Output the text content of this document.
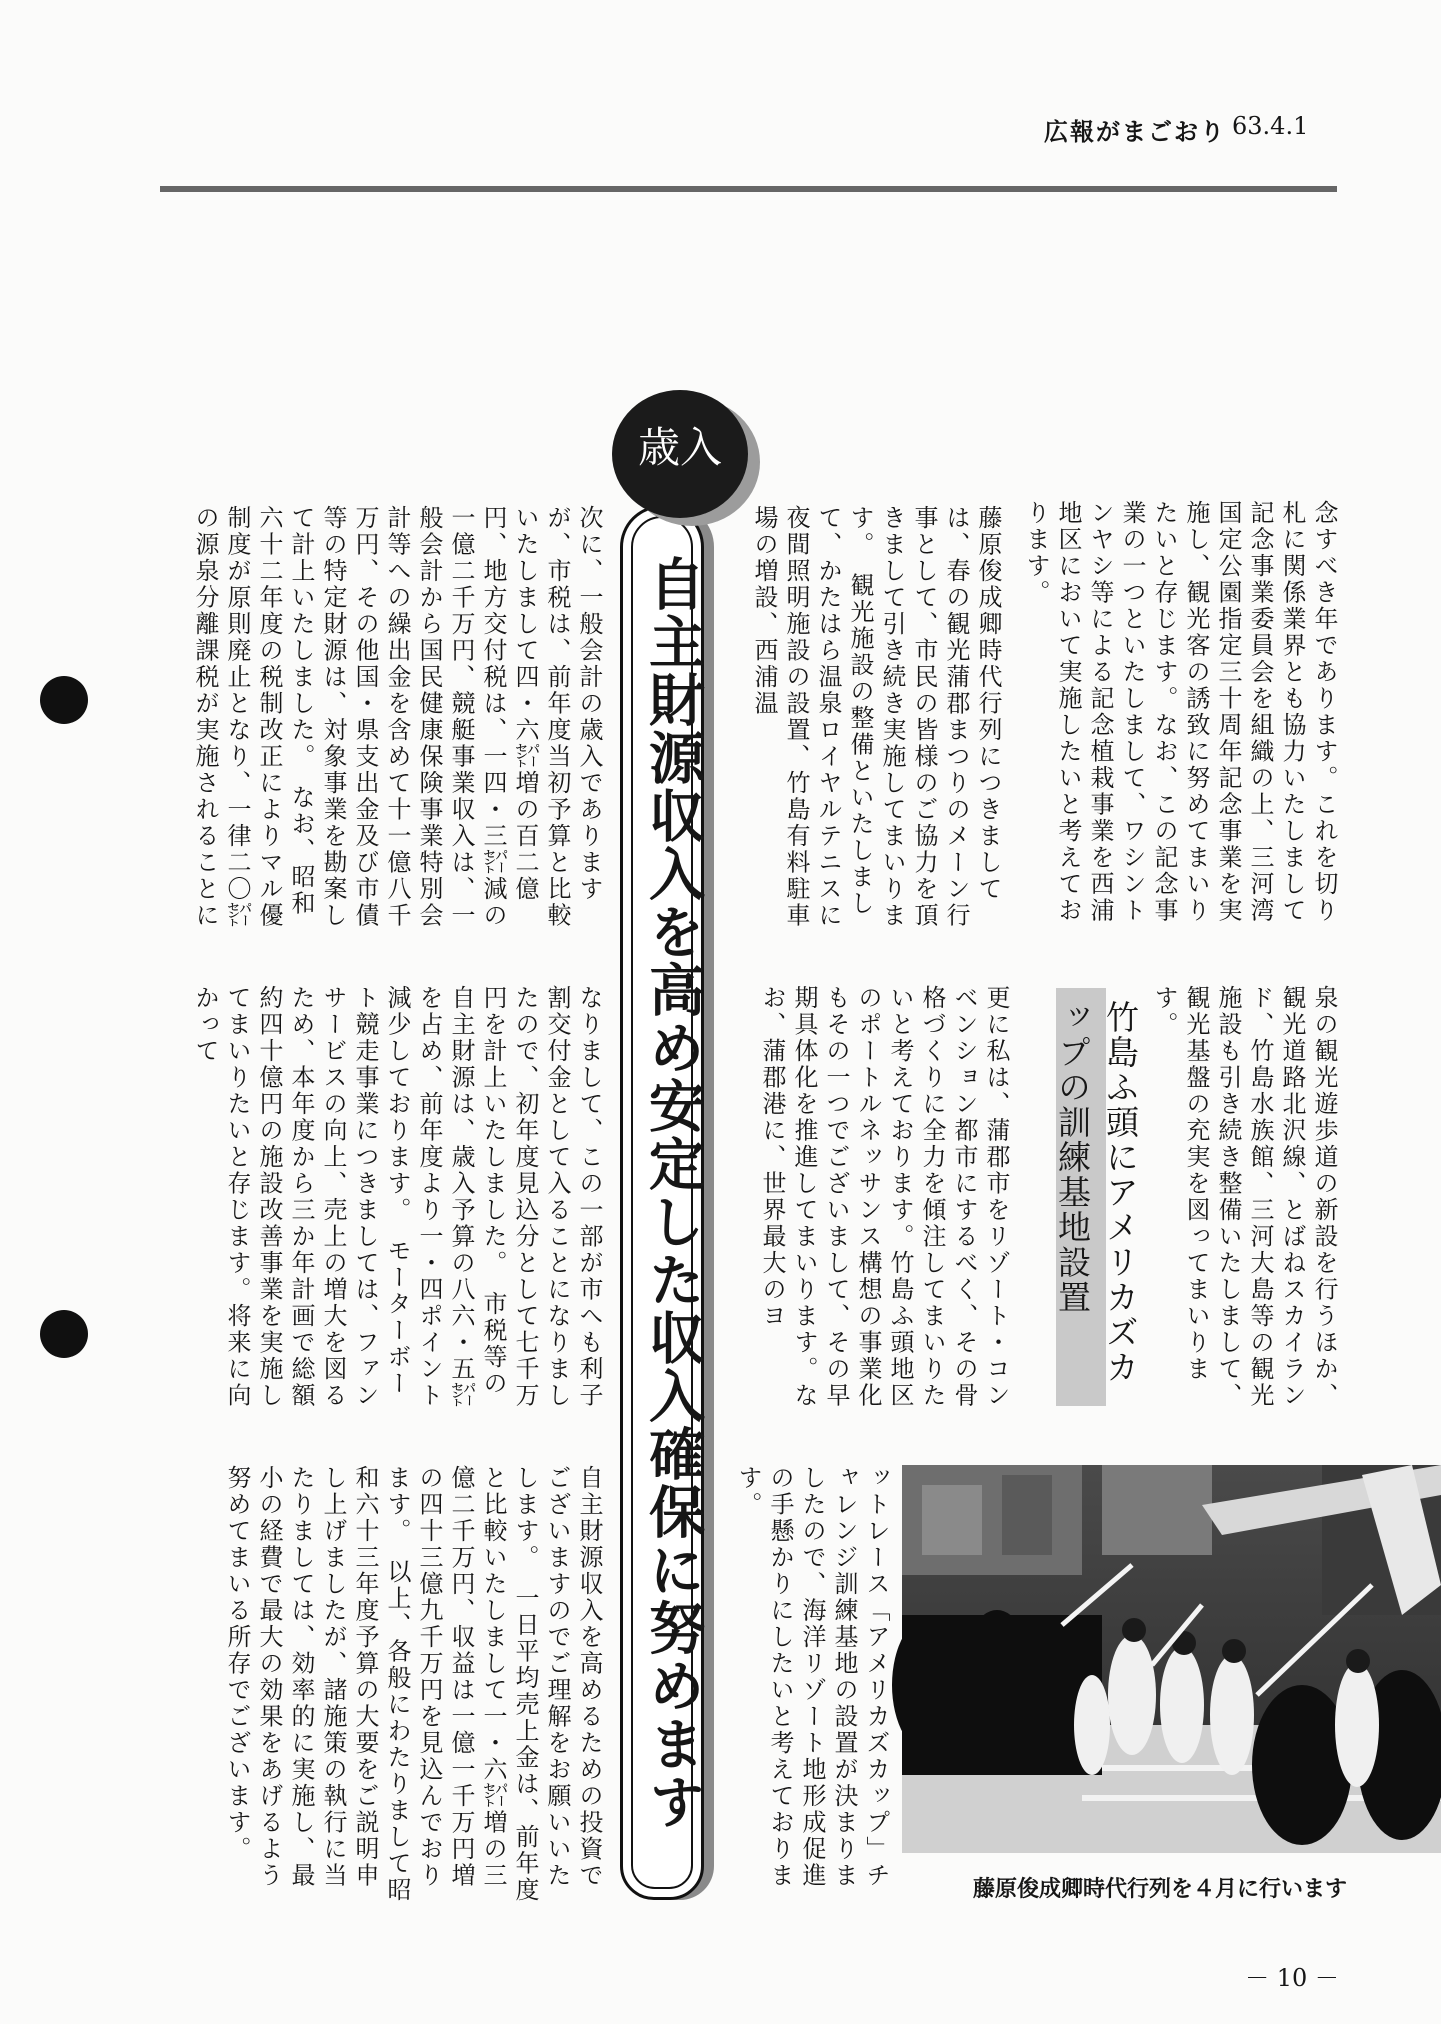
広報がまごおり 63.4.1
念すべき年であります。これを切り札に関係業界とも協力いたしまして記念事業委員会を組織の上、三河湾国定公園指定三十周年記念事業を実施し、観光客の誘致に努めてまいりたいと存じます。なお、この記念事業の一つといたしまして、ワシントンヤシ等による記念植栽事業を西浦地区において実施したいと考えております。
藤原俊成卿時代行列につきましては、春の観光蒲郡まつりのメーン行事として、市民の皆様のご協力を頂きまして引き続き実施してまいります。　観光施設の整備といたしまして、かたはら温泉ロイヤルテニスに夜間照明施設の設置、竹島有料駐車場の増設、西浦温
次に、一般会計の歳入でありますが、市税は、前年度当初予算と比較いたしまして四・六㌫増の百二億円、地方交付税は、一四・三㌫減の一億二千万円、競艇事業収入は、一般会計から国民健康保険事業特別会計等への繰出金を含めて十一億八千万円、その他国・県支出金及び市債等の特定財源は、対象事業を勘案して計上いたしました。　なお、昭和六十二年度の税制改正によりマル優制度が原則廃止となり、一律二〇㌫の源泉分離課税が実施されることに
泉の観光遊歩道の新設を行うほか、観光道路北沢線、とばねスカイランド、竹島水族館、三河大島等の観光施設も引き続き整備いたしまして、観光基盤の充実を図ってまいります。
更に私は、蒲郡市をリゾート・コンベンション都市にするべく、その骨格づくりに全力を傾注してまいりたいと考えております。竹島ふ頭地区のポートルネッサンス構想の事業化もその一つでございまして、その早期具体化を推進してまいります。なお、蒲郡港に、世界最大のヨ
なりまして、この一部が市へも利子割交付金として入ることになりましたので、初年度見込分として七千万円を計上いたしました。　市税等の自主財源は、歳入予算の八六・五㌫を占め、前年度より一・四ポイント減少しております。　モーターボート競走事業につきましては、ファンサービスの向上、売上の増大を図るため、本年度から三か年計画で総額約四十億円の施設改善事業を実施してまいりたいと存じます。将来に向かって
ットレース「アメリカズカップ」チャレンジ訓練基地の設置が決まりましたので、海洋リゾート地形成促進の手懸かりにしたいと考えております。
自主財源収入を高めるための投資でございますのでご理解をお願いいたします。　一日平均売上金は、前年度と比較いたしまして一・六㌫増の三億二千万円、収益は一億一千万円増の四十三億九千万円を見込んでおります。　以上、各般にわたりまして昭和六十三年度予算の大要をご説明申し上げましたが、諸施策の執行に当たりましては、効率的に実施し、最小の経費で最大の効果をあげるよう努めてまいる所存でございます。
歳入
自主財源収入を高め安定した収入確保に努めます	竹島ふ頭にアメリカズカップの訓練基地設置
藤原俊成卿時代行列を４月に行います
－ 10 －
